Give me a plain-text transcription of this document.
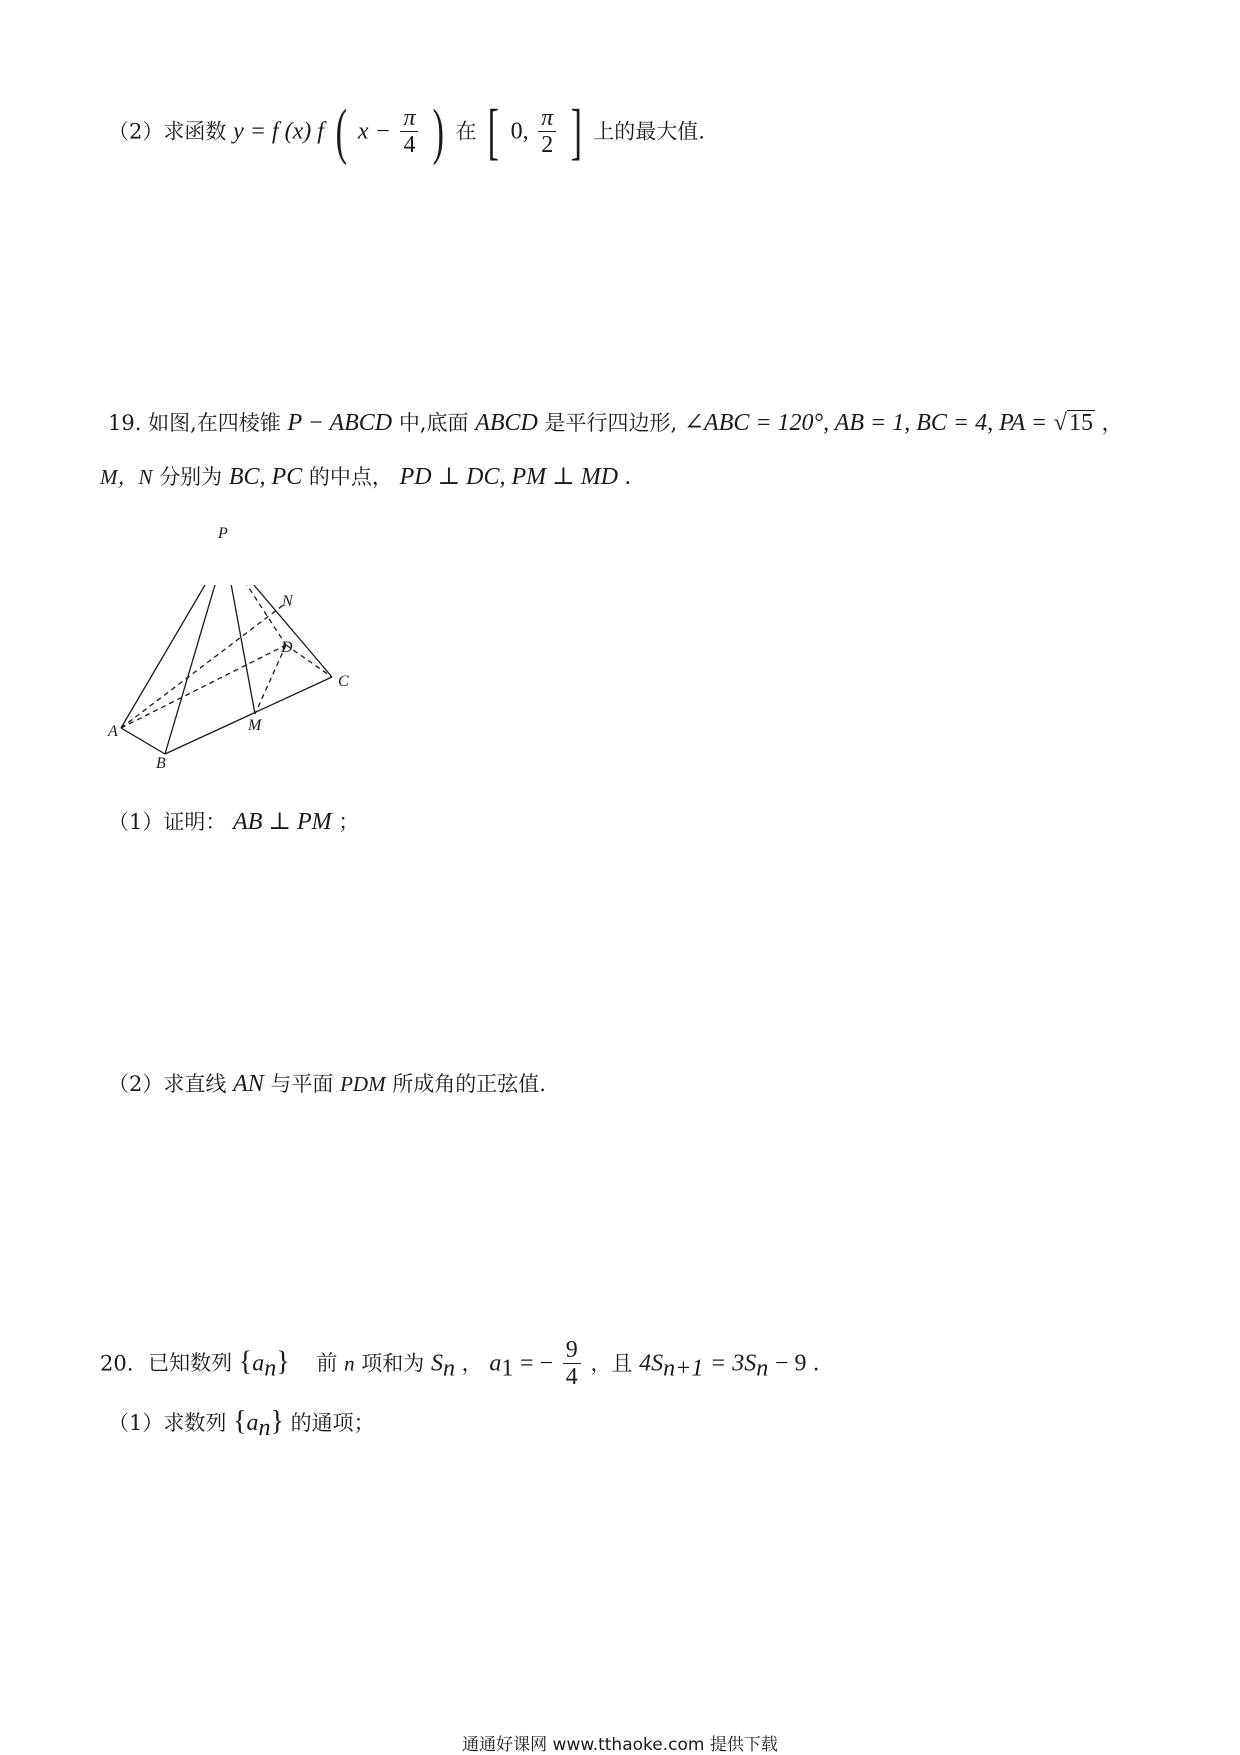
（2）求函数 y = f (x) f ( $x - \frac{\pi}{4}$ ) 在 [ 0, $\frac{\pi}{2}$ ] 上的最大值.
19. 如图,在四棱锥 P − ABCD 中,底面 ABCD 是平行四边形, ∠ABC = 120°, AB = 1, BC = 4, PA = √15 ，
M，N 分别为 BC, PC 的中点， PD ⊥ DC, PM ⊥ MD .
P
N
D
C
A	M
B
（1）证明： AB ⊥ PM ；
（2）求直线 AN 与平面 PDM 所成角的正弦值.
20. 已知数列 $\{a_n\}$ 前 n 项和为 $S_n$ ， $a_1$ = − $\frac{9}{4}$ ，且 $4S_{n+1} = 3S_n - 9$ .
（1）求数列 $\{a_n\}$ 的通项；
通通好课网 www.tthaoke.com 提供下载
